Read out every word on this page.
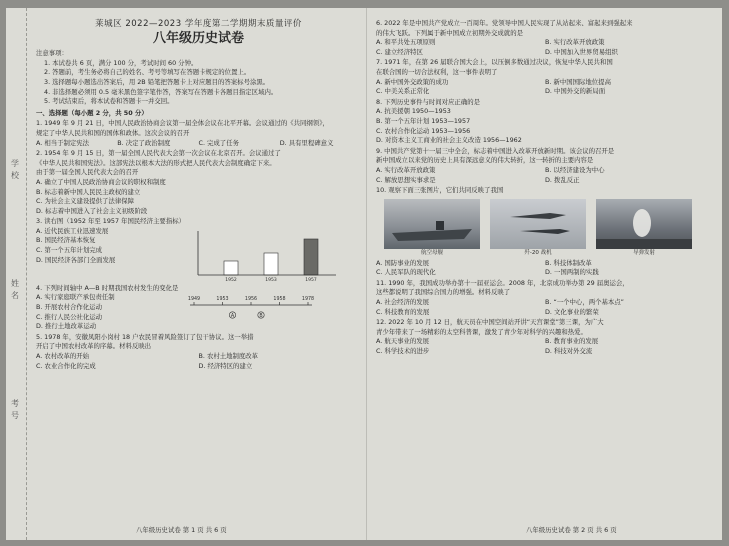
学
校
姓
名
考
号
莱城区 2022—2023 学年度第二学期期末质量评价
八年级历史试卷
注意事项：
1. 本试卷共 6 页，满分 100 分，考试时间 60 分钟。
2. 答题前，考生务必将自己的姓名、考号等填写在答题卡规定的位置上。
3. 选择题每小题选出答案后，用 2B 铅笔把答题卡上对应题目的答案标号涂黑。
4. 非选择题必须用 0.5 毫米黑色签字笔作答，答案写在答题卡各题目指定区域内。
5. 考试结束后，将本试卷和答题卡一并交回。
一、选择题（每小题 2 分，共 50 分）
1. 1949 年 9 月 21 日，中国人民政治协商会议第一届全体会议在北平开幕。会议通过的《共同纲领》，
规定了中华人民共和国的国体和政体。这次会议的召开
A. 相当于制定宪法	B. 决定了政治制度	C. 完成了任务	D. 具有里程碑意义
2. 1954 年 9 月 15 日，第一届全国人民代表大会第一次会议在北京召开。会议通过了
《中华人民共和国宪法》。这部宪法以根本大法的形式把人民代表大会制度确定下来。
由于第一届全国人民代表大会的召开
A. 确立了中国人民政治协商会议的职权和制度
B. 标志着新中国人民民主政权的建立
C. 为社会主义建设提供了法律保障
D. 标志着中国进入了社会主义初级阶段
3. 读右图（1952 年至 1957 年国民经济主要指标）
A. 近代民族工业迅速发展
B. 国民经济基本恢复
C. 第一个五年计划完成
D. 国民经济各部门全面发展
1952	1953	1957
4. 下列时间轴中 A—B 时期我国农村发生的变化是
A. 实行家庭联产承包责任制
B. 开展农村合作化运动
C. 推行人民公社化运动
D. 推行土地改革运动
1949	1953	1956	1958	1978
A	B
5. 1978 年，安徽凤阳小岗村 18 户农民冒着风险签订了包干协议。这一举措
开启了中国农村改革的序幕。材料反映出
A. 农村改革的开始	B. 农村土地制度改革
C. 农业合作化的完成	D. 经济特区的建立
6. 2022 年是中国共产党成立一百周年。党领导中国人民实现了从站起来、富起来到强起来
的伟大飞跃。下列属于新中国成立初期外交成就的是
A. 和平共处五项原则	B. 实行改革开放政策
C. 建立经济特区	D. 中国加入世界贸易组织
7. 1971 年，在第 26 届联合国大会上，以压倒多数通过决议，恢复中华人民共和国
在联合国的一切合法权利，这一事件表明了
A. 新中国外交政策的成功	B. 新中国国际地位提高
C. 中美关系正常化	D. 中国外交的新局面
8. 下列历史事件与时间对应正确的是
A. 抗美援朝 1950—1953
B. 第一个五年计划 1953—1957
C. 农村合作化运动 1953—1956
D. 对资本主义工商业的社会主义改造 1956—1962
9. 中国共产党第十一届三中全会，标志着中国进入改革开放新时期。该会议的召开是
新中国成立以来党的历史上具有深远意义的伟大转折，这一转折的主要内容是
A. 实行改革开放政策	B. 以经济建设为中心
C. 解放思想实事求是	D. 拨乱反正
10. 观察下面三张图片，它们共同反映了我国
航空母舰	歼-20 战机	导弹发射
A. 国防事业的发展	B. 科技体制改革
C. 人民军队的现代化	D. 一国两制的实践
11. 1990 年，我国成功举办第十一届亚运会。2008 年，北京成功举办第 29 届奥运会，
这些都说明了我国综合国力的增强。材料反映了
A. 社会经济的发展	B. “一个中心，两个基本点”
C. 科技教育的发展	D. 文化事业的繁荣
12. 2022 年 10 月 12 日，航天员在中国空间站开讲“天宫课堂”第三课，为广大
青少年带来了一场精彩的太空科普课，激发了青少年对科学的兴趣和热爱。
A. 航天事业的发展	B. 教育事业的发展
C. 科学技术的进步	D. 科技对外交流
八年级历史试卷 第 1 页 共 6 页	八年级历史试卷 第 2 页 共 6 页
